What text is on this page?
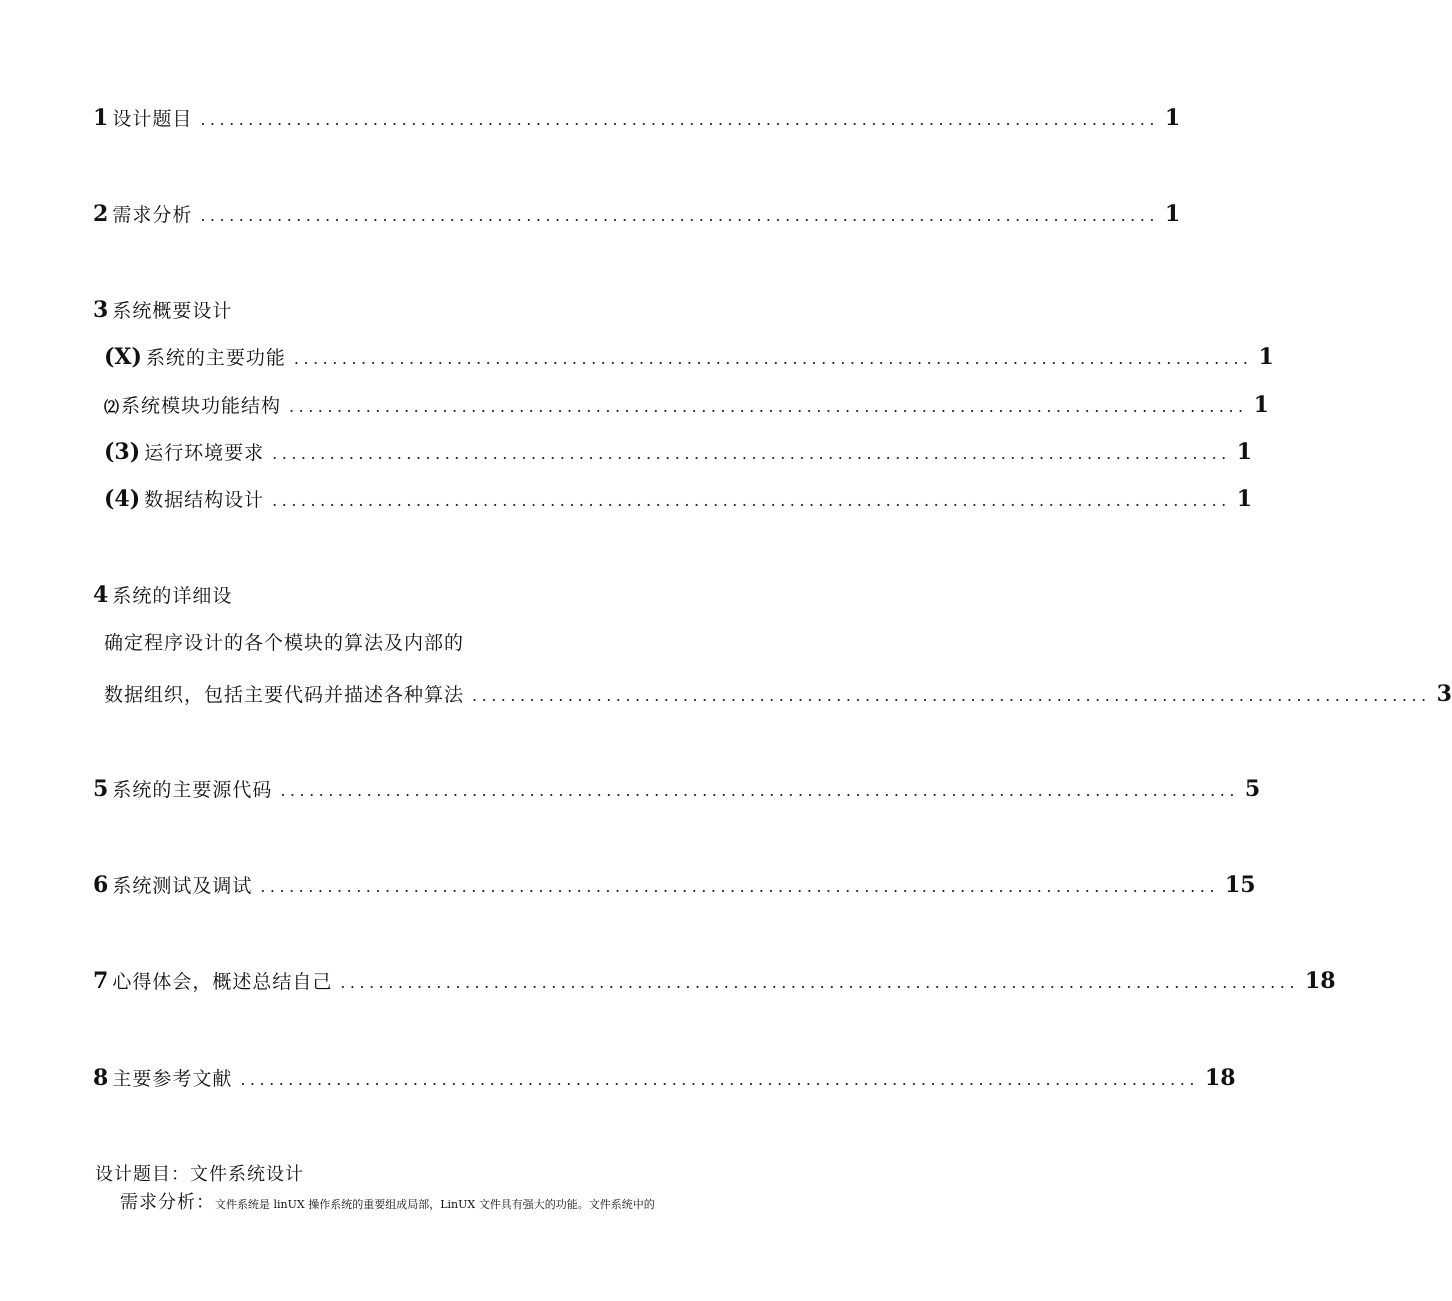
1 设计题目 .................................................................................................... 1
2 需求分析 .................................................................................................... 1
3 系统概要设计
(X) 系统的主要功能 .................................................................................................... 1
⑵ 系统模块功能结构 .................................................................................................... 1
(3) 运行环境要求 .................................................................................................... 1
(4) 数据结构设计 .................................................................................................... 1
4 系统的详细设
确定程序设计的各个模块的算法及内部的
数据组织，包括主要代码并描述各种算法 .................................................................................................... 3
5 系统的主要源代码 .................................................................................................... 5
6 系统测试及调试 .................................................................................................... 15
7 心得体会，概述总结自己 .................................................................................................... 18
8 主要参考文献 .................................................................................................... 18
设计题目：文件系统设计
需求分析：文件系统是 linUX 操作系统的重要组成局部，LinUX 文件具有强大的功能。文件系统中的
